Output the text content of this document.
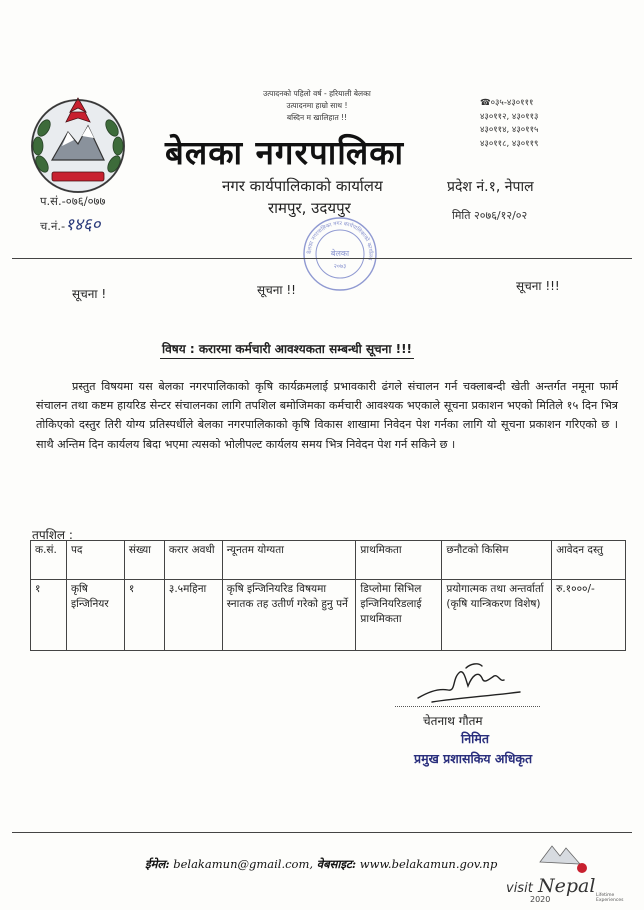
उत्पादनको पहिलो वर्ष - हरियाली बेलका
उत्पादनमा हाम्रो साथ !
बस्दिन म खालिहात !!
☎०३५-४३०१११
४३०११२, ४३०११३
४३०११४, ४३०११५
४३०११८, ४३०११९
बेलका नगरपालिका
नगर कार्यपालिकाको कार्यालय
रामपुर, उदयपुर
प्रदेश नं.१, नेपाल
मिति २०७६/१२/०२
प.सं.-०७६/०७७
च.नं.-१४६०
बेलका नगरपालिका नगर कार्यपालिकाको कार्याल
बेलका
२०७३
सूचना !	सूचना !!	सूचना !!!
विषय : करारमा कर्मचारी आवश्यकता सम्बन्धी सूचना !!!
प्रस्तुत विषयमा यस बेलका नगरपालिकाको कृषि कार्यक्रमलाई प्रभावकारी ढंगले संचालन गर्न चक्लाबन्दी खेती अन्तर्गत नमूना फार्म संचालन तथा कष्टम हायरिड सेन्टर संचालनका लागि तपशिल बमोजिमका कर्मचारी आवश्यक भएकाले सूचना प्रकाशन भएको मितिले १५ दिन भित्र तोकिएको दस्तुर तिरी योग्य प्रतिस्पर्धीले बेलका नगरपालिकाको कृषि विकास शाखामा निवेदन पेश गर्नका लागि यो सूचना प्रकाशन गरिएको छ । साथै अन्तिम दिन कार्यलय बिदा भएमा त्यसको भोलीपल्ट कार्यलय समय भित्र निवेदन पेश गर्न सकिने छ ।
तपशिल :
क.सं.	पद	संख्या	करार अवधी	न्यूनतम योग्यता	प्राथमिकता	छनौटको किसिम	आवेदन दस्तु
१	कृषि इन्जिनियर	१	३.५महिना	कृषि इन्जिनियरिड विषयमा स्नातक तह उतीर्ण गरेको हुनु पर्ने	डिप्लोमा सिभिल इन्जिनियरिडलाई प्राथमिकता	प्रयोगात्मक तथा अन्तर्वार्ता (कृषि यान्त्रिकरण विशेष)	रु.१०००/-
चेतनाथ गौतम
निमित
प्रमुख प्रशासकिय अधिकृत
ईमेल: belakamun@gmail.com, वेबसाइट: www.belakamun.gov.np
visit Nepal
2020	Lifetime
Experiences
